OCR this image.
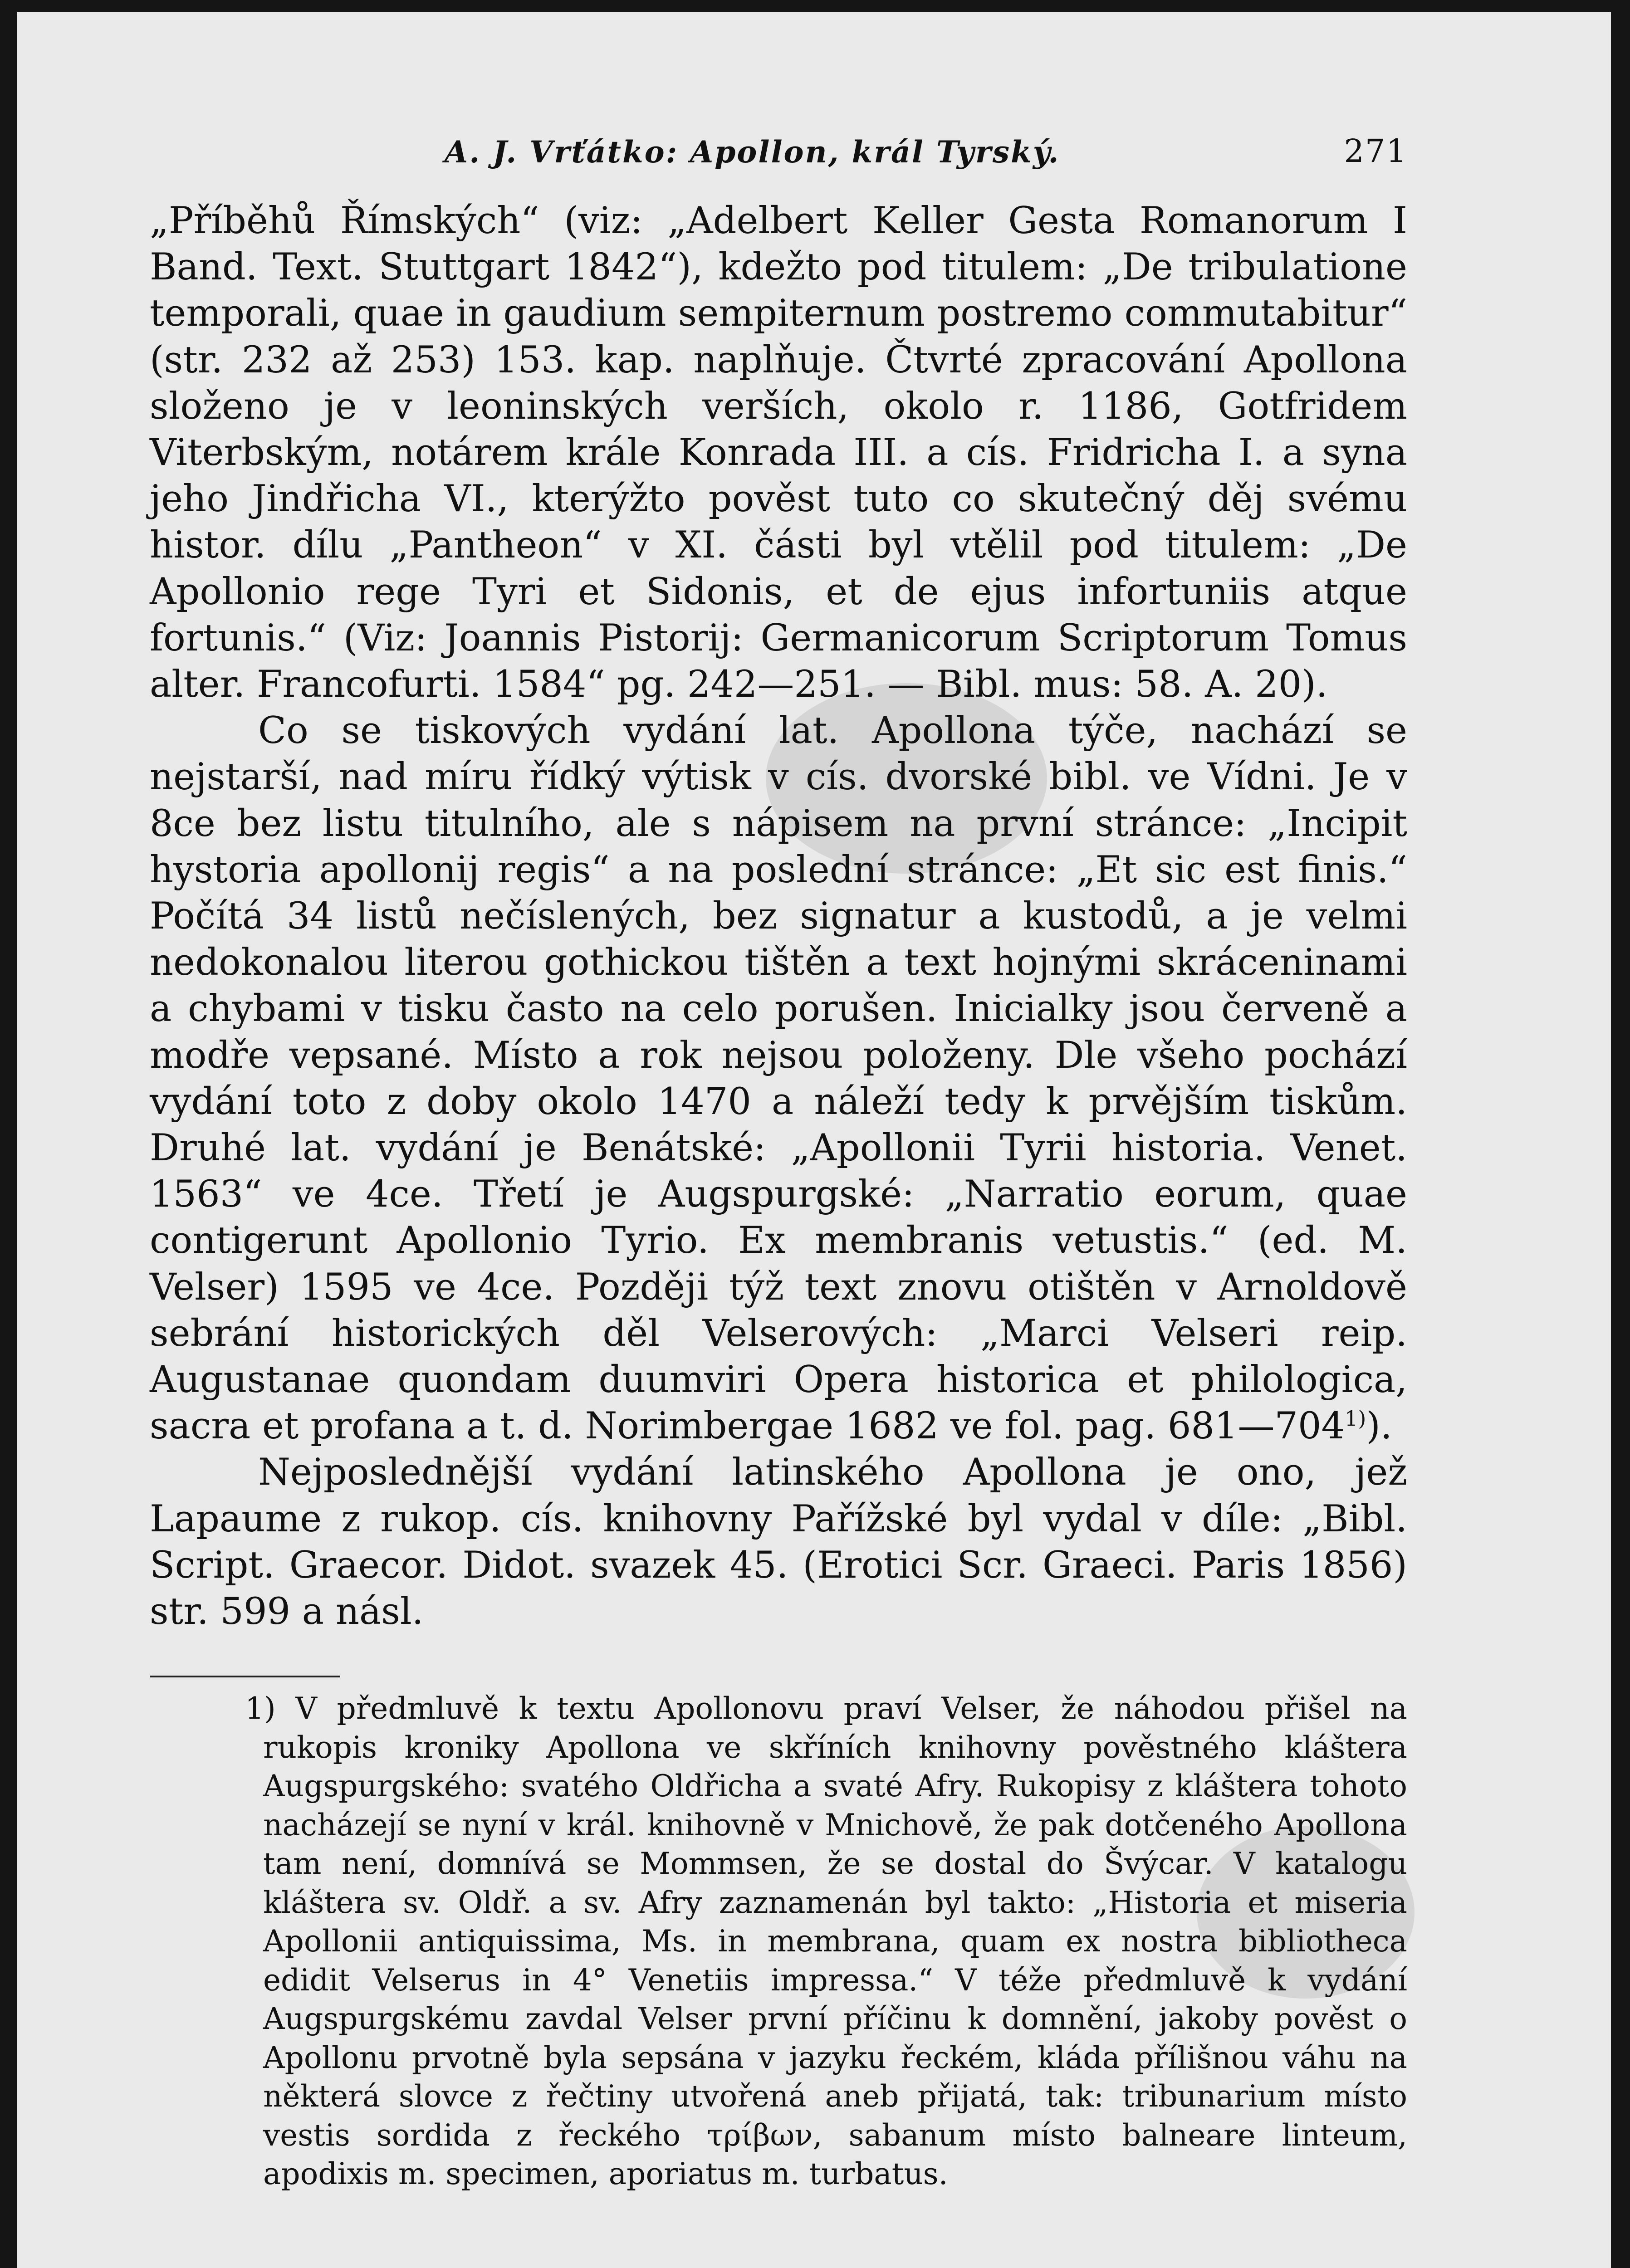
A. J. Vrťátko: Apollon, král Tyrský.	271

„Příběhů Římských“ (viz: „Adelbert Keller Gesta Romanorum I Band. Text. Stuttgart 1842“), kdežto pod titulem: „De tribulatione temporali, quae in gaudium sempiternum postremo commutabitur“ (str. 232 až 253) 153. kap. naplňuje. Čtvrté zpracování Apollona složeno je v leoninských verších, okolo r. 1186, Gotfridem Viterbským, notárem krále Konrada III. a cís. Fridricha I. a syna jeho Jindřicha VI., kterýžto pověst tuto co skutečný děj svému histor. dílu „Pantheon“ v XI. části byl vtělil pod titulem: „De Apollonio rege Tyri et Sidonis, et de ejus infortuniis atque fortunis.“ (Viz: Joannis Pistorij: Germanicorum Scriptorum Tomus alter. Francofurti. 1584“ pg. 242—251. — Bibl. mus: 58. A. 20).

Co se tiskových vydání lat. Apollona týče, nachází se nejstarší, nad míru řídký výtisk v cís. dvorské bibl. ve Vídni. Je v 8ce bez listu titulního, ale s nápisem na první stránce: „Incipit hystoria apollonij regis“ a na poslední stránce: „Et sic est finis.“ Počítá 34 listů nečíslených, bez signatur a kustodů, a je velmi nedokonalou literou gothickou tištěn a text hojnými skráceninami a chybami v tisku často na celo porušen. Inicialky jsou červeně a modře vepsané. Místo a rok nejsou položeny. Dle všeho pochází vydání toto z doby okolo 1470 a náleží tedy k prvějším tiskům. Druhé lat. vydání je Benátské: „Apollonii Tyrii historia. Venet. 1563“ ve 4ce. Třetí je Augspurgské: „Narratio eorum, quae contigerunt Apollonio Tyrio. Ex membranis vetustis.“ (ed. M. Velser) 1595 ve 4ce. Později týž text znovu otištěn v Arnoldově sebrání historických děl Velserových: „Marci Velseri reip. Augustanae quondam duumviri Opera historica et philologica, sacra et profana a t. d. Norimbergae 1682 ve fol. pag. 681—704$^{1)}$).

Nejposlednější vydání latinského Apollona je ono, jež Lapaume z rukop. cís. knihovny Pařížské byl vydal v díle: „Bibl. Script. Graecor. Didot. svazek 45. (Erotici Scr. Graeci. Paris 1856) str. 599 a násl.

1) V předmluvě k textu Apollonovu praví Velser, že náhodou přišel na rukopis kroniky Apollona ve skříních knihovny pověstného kláštera Augspurgského: svatého Oldřicha a svaté Afry. Rukopisy z kláštera tohoto nacházejí se nyní v král. knihovně v Mnichově, že pak dotčeného Apollona tam není, domnívá se Mommsen, že se dostal do Švýcar. V katalogu kláštera sv. Oldř. a sv. Afry zaznamenán byl takto: „Historia et miseria Apollonii antiquissima, Ms. in membrana, quam ex nostra bibliotheca edidit Velserus in 4° Venetiis impressa.“ V téže předmluvě k vydání Augspurgskému zavdal Velser první příčinu k domnění, jakoby pověst o Apollonu prvotně byla sepsána v jazyku řeckém, kláda přílišnou váhu na některá slovce z řečtiny utvořená aneb přijatá, tak: tribunarium místo vestis sordida z řeckého τρίβων, sabanum místo balneare linteum, apodixis m. specimen, aporiatus m. turbatus.
